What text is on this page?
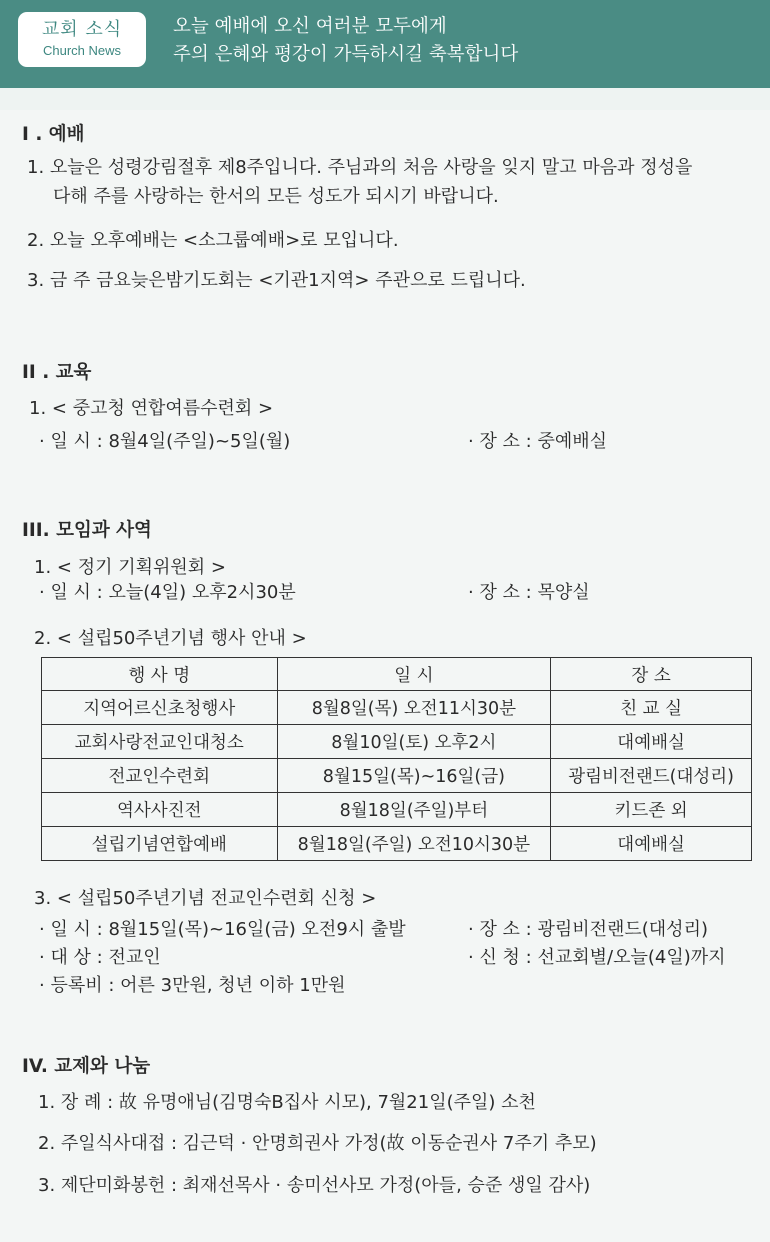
교회 소식
Church News
오늘 예배에 오신 여러분 모두에게
주의 은혜와 평강이 가득하시길 축복합니다
I . 예배
1. 오늘은 성령강림절후 제8주입니다. 주님과의 처음 사랑을 잊지 말고 마음과 정성을
다해 주를 사랑하는 한서의 모든 성도가 되시기 바랍니다.
2. 오늘 오후예배는 <소그룹예배>로 모입니다.
3. 금 주 금요늦은밤기도회는 <기관1지역> 주관으로 드립니다.
II . 교육
1. < 중고청 연합여름수련회 >
· 일 시 : 8월4일(주일)~5일(월)	· 장 소 : 중예배실
III. 모임과 사역
1. < 정기 기획위원회 >
· 일 시 : 오늘(4일) 오후2시30분	· 장 소 : 목양실
2. < 설립50주년기념 행사 안내 >
행 사 명	일 시	장 소
지역어르신초청행사	8월8일(목) 오전11시30분	친 교 실
교회사랑전교인대청소	8월10일(토) 오후2시	대예배실
전교인수련회	8월15일(목)~16일(금)	광림비전랜드(대성리)
역사사진전	8월18일(주일)부터	키드존 외
설립기념연합예배	8월18일(주일) 오전10시30분	대예배실
3. < 설립50주년기념 전교인수련회 신청 >
· 일 시 : 8월15일(목)~16일(금) 오전9시 출발	· 장 소 : 광림비전랜드(대성리)
· 대 상 : 전교인	· 신 청 : 선교회별/오늘(4일)까지
· 등록비 : 어른 3만원, 청년 이하 1만원
IV. 교제와 나눔
1. 장 례 : 故 유명애님(김명숙B집사 시모), 7월21일(주일) 소천
2. 주일식사대접 : 김근덕 · 안명희권사 가정(故 이동순권사 7주기 추모)
3. 제단미화봉헌 : 최재선목사 · 송미선사모 가정(아들, 승준 생일 감사)
